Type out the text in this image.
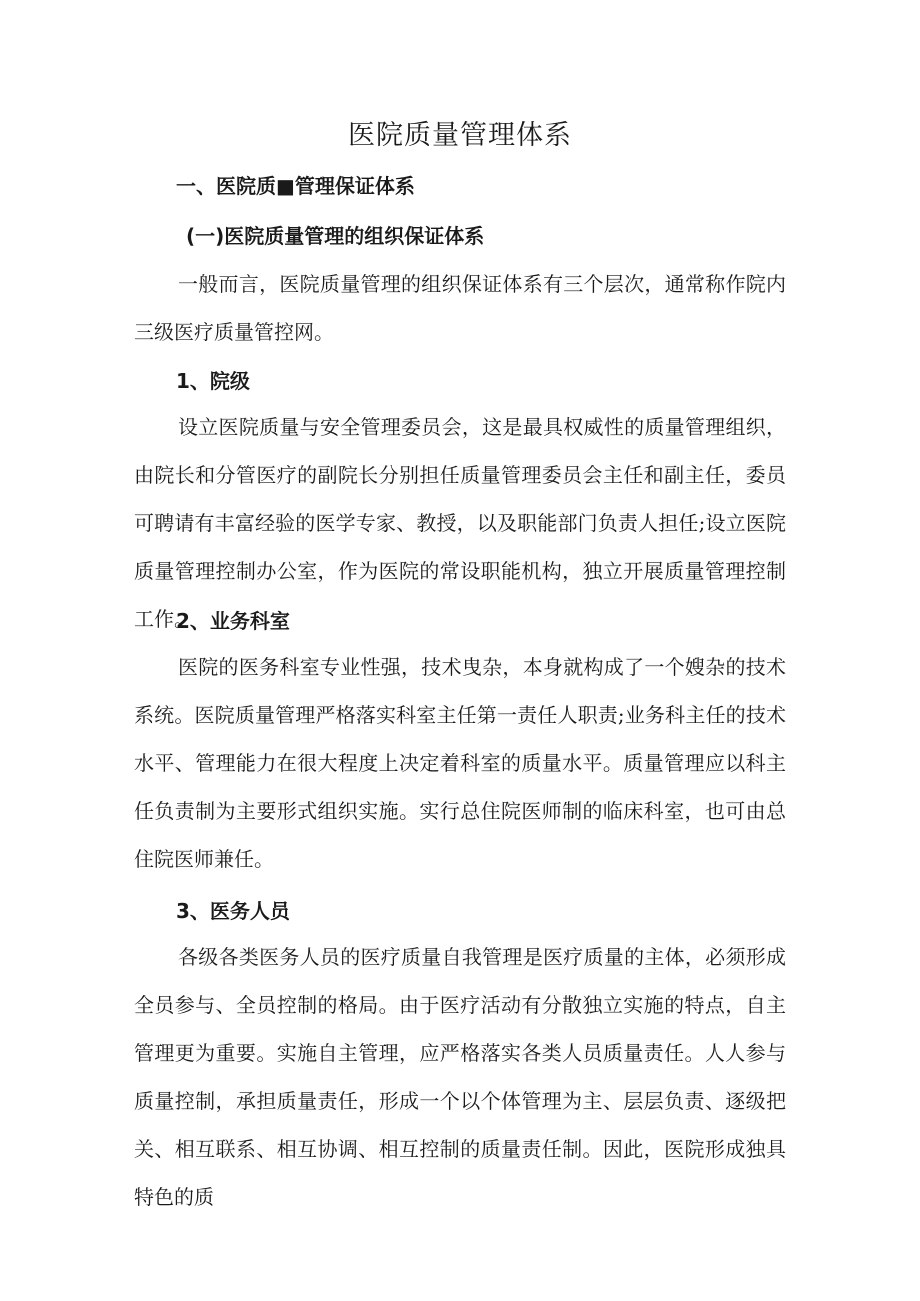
医院质量管理体系
一、医院质■管理保证体系
(一)医院质量管理的组织保证体系

一般而言，医院质量管理的组织保证体系有三个层次，通常称作院内三级医疗质量管控网。

1、院级

设立医院质量与安全管理委员会，这是最具权威性的质量管理组织，由院长和分管医疗的副院长分别担任质量管理委员会主任和副主任，委员可聘请有丰富经验的医学专家、教授，以及职能部门负责人担任;设立医院质量管理控制办公室，作为医院的常设职能机构，独立开展质量管理控制工作。

2、业务科室

医院的医务科室专业性强，技术曳杂，本身就构成了一个嫂杂的技术系统。医院质量管理严格落实科室主任第一责任人职责;业务科主任的技术水平、管理能力在很大程度上决定着科室的质量水平。质量管理应以科主任负责制为主要形式组织实施。实行总住院医师制的临床科室，也可由总住院医师兼任。

3、医务人员

各级各类医务人员的医疗质量自我管理是医疗质量的主体，必须形成全员参与、全员控制的格局。由于医疗活动有分散独立实施的特点，自主管理更为重要。实施自主管理，应严格落实各类人员质量责任。人人参与质量控制，承担质量责任，形成一个以个体管理为主、层层负责、逐级把关、相互联系、相互协调、相互控制的质量责任制。因此，医院形成独具特色的质
